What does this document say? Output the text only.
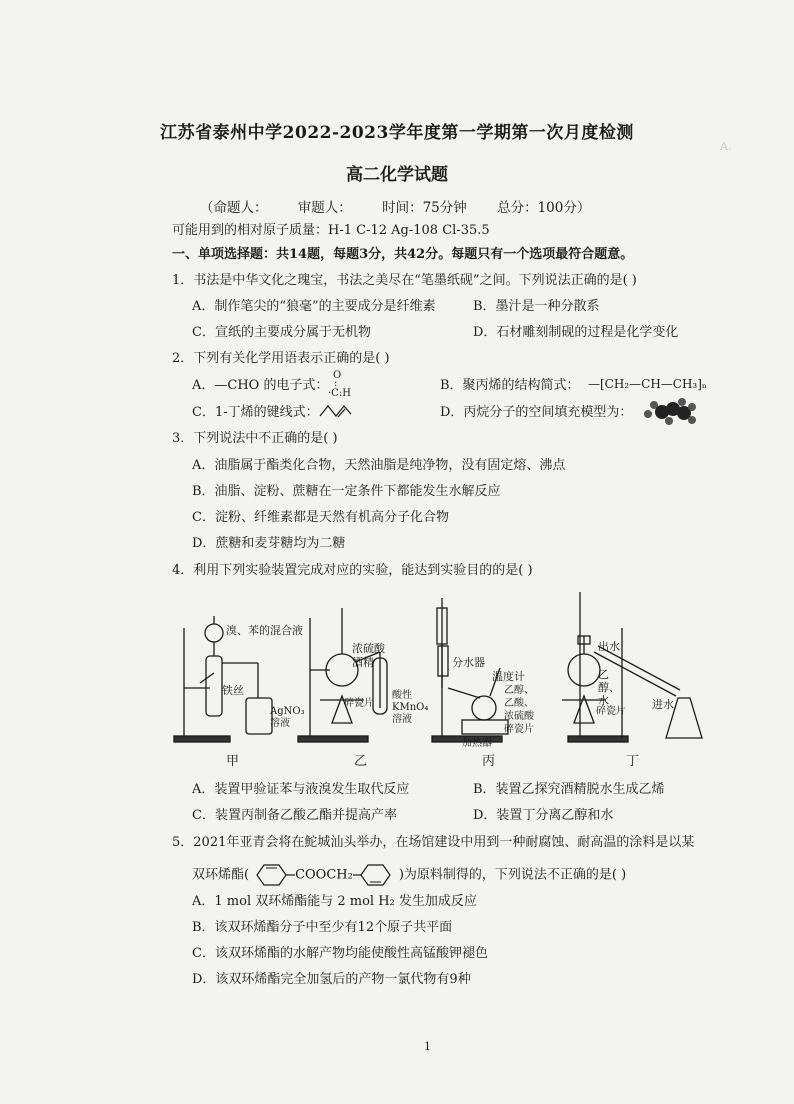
A.
江苏省泰州中学2022-2023学年度第一学期第一次月度检测
高二化学试题
（命题人： 审题人： 时间：75分钟 总分：100分）
可能用到的相对原子质量：H-1 C-12 Ag-108 Cl-35.5
一、单项选择题：共14题，每题3分，共42分。每题只有一个选项最符合题意。
1．书法是中华文化之瑰宝，书法之美尽在“笔墨纸砚”之间。下列说法正确的是( )
A．制作笔尖的“狼毫”的主要成分是纤维素	B．墨汁是一种分散系
C．宣纸的主要成分属于无机物	D．石材雕刻制砚的过程是化学变化
2．下列有关化学用语表示正确的是( )
A．—CHO 的电子式：
O
:
·C:H
B．聚丙烯的结构简式： —[CH₂—CH—CH₃]ₙ
C．1-丁烯的键线式：	D．丙烷分子的空间填充模型为：
3．下列说法中不正确的是( )
A．油脂属于酯类化合物，天然油脂是纯净物，没有固定熔、沸点
B．油脂、淀粉、蔗糖在一定条件下都能发生水解反应
C．淀粉、纤维素都是天然有机高分子化合物
D．蔗糖和麦芽糖均为二糖
4．利用下列实验装置完成对应的实验，能达到实验目的的是( )
溴、苯的混合液
铁丝
AgNO₃溶液
浓硫酸
酒精
碎瓷片
酸性KMnO₄溶液
分水器
温度计
乙醇、乙酸、浓硫酸碎瓷片
加热器
出水
乙醇、水
碎瓷片
进水
甲	乙	丙	丁
A．装置甲验证苯与液溴发生取代反应	B．装置乙探究酒精脱水生成乙烯
C．装置丙制备乙酸乙酯并提高产率	D．装置丁分离乙醇和水
5．2021年亚青会将在鮀城汕头举办，在场馆建设中用到一种耐腐蚀、耐高温的涂料是以某
双环烯酯(	COOCH₂	)为原料制得的，下列说法不正确的是( )
A．1 mol 双环烯酯能与 2 mol H₂ 发生加成反应
B．该双环烯酯分子中至少有12个原子共平面
C．该双环烯酯的水解产物均能使酸性高锰酸钾褪色
D．该双环烯酯完全加氢后的产物一氯代物有9种
1
